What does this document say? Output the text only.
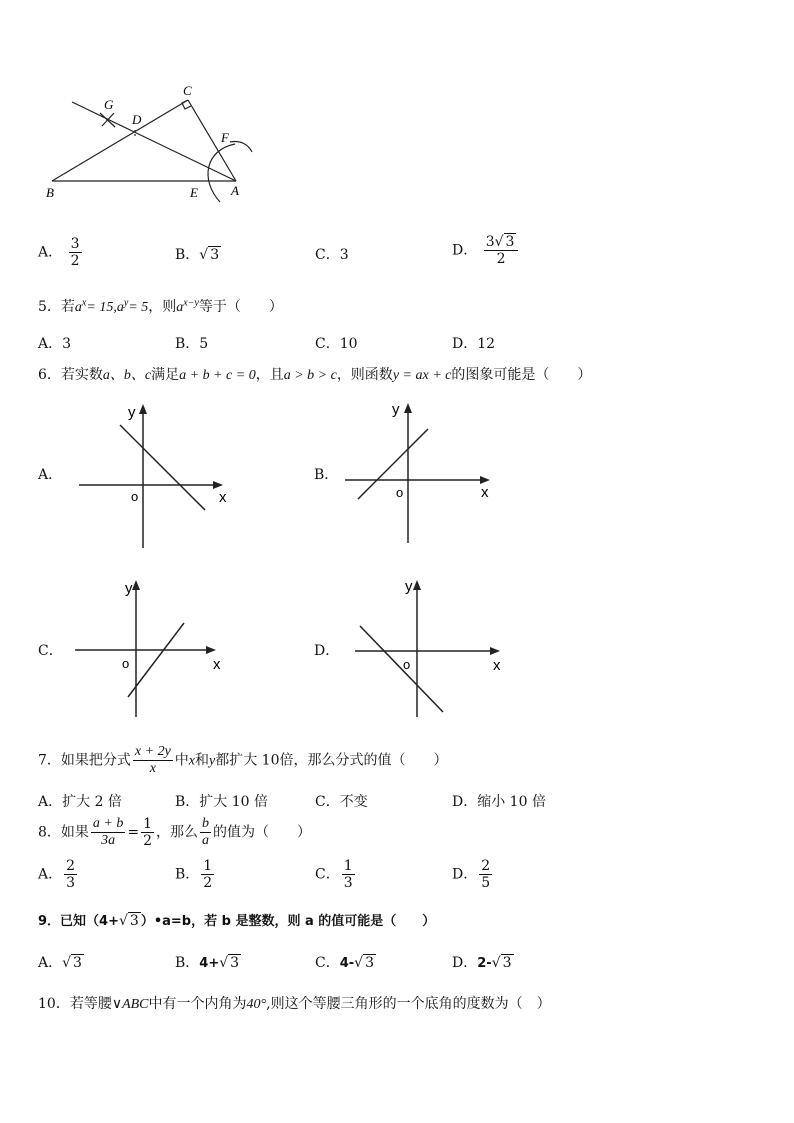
G
C
D
F
B	E	A
A． $\frac{3}{2}$	B．√ 3	C．3	D． $\frac{3√ 3}{2}$
5．若$a^x= 15,a^y= 5$，则$a^{x-y}$等于（　　）
A．3	B．5	C．10	D．12
6．若实数a、b、c满足a + b + c = 0，且a > b > c，则函数y = ax + c的图象可能是（　　）
A．
y
x
o
B．
y
x
o
C．
y
x
o
D．
y
x
o
7．如果把分式 $\frac{x + 2y}{x}$ 中x和y都扩大 10倍，那么分式的值（　　）
A．扩大 2 倍	B．扩大 10 倍	C．不变	D．缩小 10 倍
8．如果 $\frac{a + b}{3a} = \frac{1}{2}$ ，那么 $\frac{b}{a}$ 的值为（　　）
A． $\frac{2}{3}$	B． $\frac{1}{2}$	C． $\frac{1}{3}$	D． $\frac{2}{5}$
9．已知（4+√ 3 ）•a=b，若 b 是整数，则 a 的值可能是（　　）
A．√ 3	B．4+√ 3	C．4-√ 3	D．2-√ 3
10．若等腰∨ABC中有一个内角为40°,则这个等腰三角形的一个底角的度数为（　）
